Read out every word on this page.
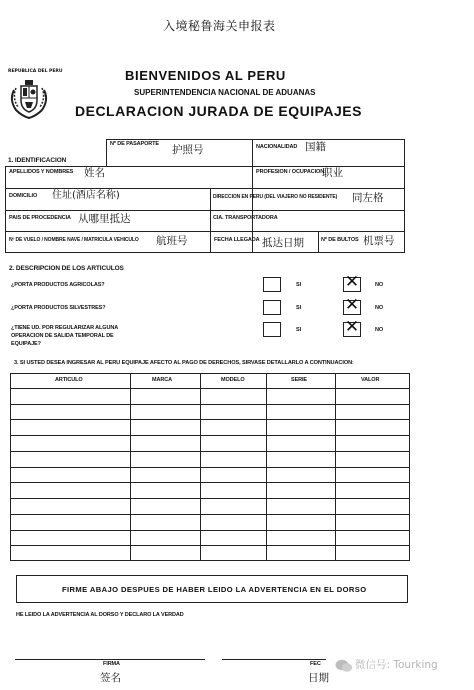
入境秘鲁海关申报表
REPUBLICA DEL PERU	BIENVENIDOS AL PERU
SUPERINTENDENCIA NACIONAL DE ADUANAS
DECLARACION JURADA DE EQUIPAJES
1. IDENTIFICACION
Nº DE PASAPORTE 护照号	NACIONALIDAD 国籍
APELLIDOS Y NOMBRES 姓名	PROFESION / OCUPACION
职业
DOMICILIO 住址(酒店名称)	DIRECCION EN PERU (DEL VIAJERO NO RESIDENTE) 同左格
PAIS DE PROCEDENCIA 从哪里抵达	CIA. TRANSPORTADORA
Nº DE VUELO / NOMBRE NAVE / MATRICULA VEHICULO 航班号	FECHA LLEGADA 抵达日期	Nº DE BULTOS 机票号
2. DESCRIPCION DE LOS ARTICULOS
¿PORTA PRODUCTOS AGRICOLAS?	SI	✕	NO
¿PORTA PRODUCTOS SILVESTRES?	SI	✕	NO
¿TIENE UD. POR REGULARIZAR ALGUNA
OPERACION DE SALIDA TEMPORAL DE
EQUIPAJE?
SI	✕	NO
3. SI USTED DESEA INGRESAR AL PERU EQUIPAJE AFECTO AL PAGO DE DERECHOS, SIRVASE DETALLARLO A CONTINUACION:
ARTICULO	MARCA	MODELO	SERIE	VALOR
FIRME ABAJO DESPUES DE HABER LEIDO LA ADVERTENCIA EN EL DORSO
HE LEIDO LA ADVERTENCIA AL DORSO Y DECLARO LA VERDAD
FIRMA
签名
FEC
日期
微信号: Tourking
